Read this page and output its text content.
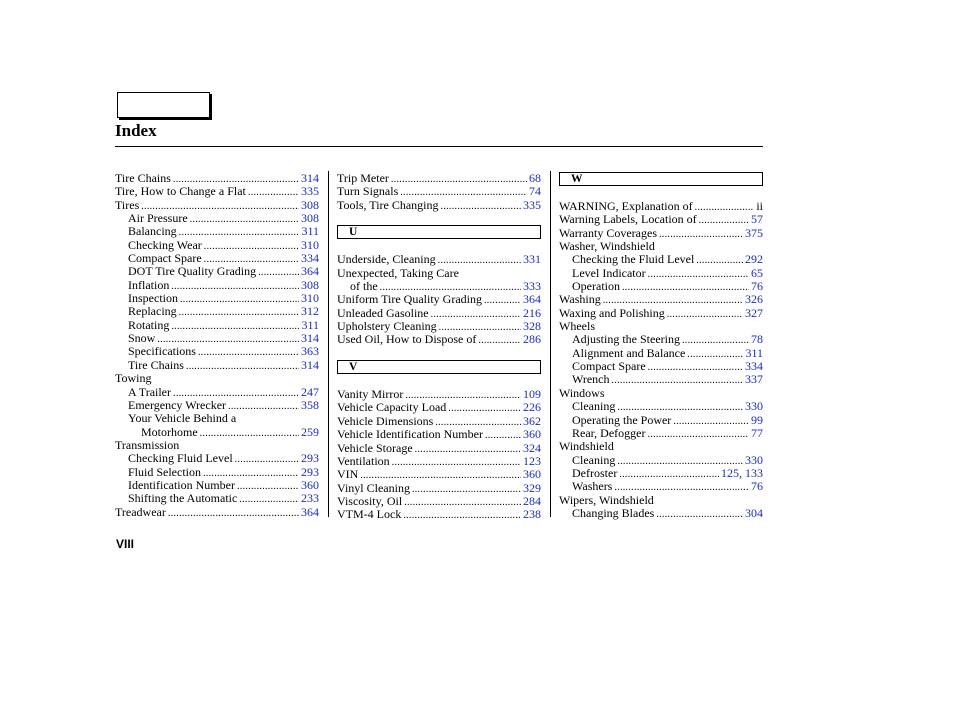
Index
Tire Chains .....	314
Tire, How to Change a Flat .....	335
Tires .....	308
Air Pressure .....	308
Balancing .....	311
Checking Wear .....	310
Compact Spare .....	334
DOT Tire Quality Grading .....	364
Inflation .....	308
Inspection .....	310
Replacing .....	312
Rotating .....	311
Snow .....	314
Specifications .....	363
Tire Chains .....	314
Towing
A Trailer .....	247
Emergency Wrecker .....	358
Your Vehicle Behind a
Motorhome .....	259
Transmission
Checking Fluid Level .....	293
Fluid Selection .....	293
Identification Number .....	360
Shifting the Automatic .....	233
Treadwear .....	364
Trip Meter .....	68
Turn Signals .....	74
Tools, Tire Changing .....	335
U
Underside, Cleaning .....	331
Unexpected, Taking Care
of the .....	333
Uniform Tire Quality Grading .....	364
Unleaded Gasoline .....	216
Upholstery Cleaning .....	328
Used Oil, How to Dispose of .....	286
V
Vanity Mirror .....	109
Vehicle Capacity Load .....	226
Vehicle Dimensions .....	362
Vehicle Identification Number .....	360
Vehicle Storage .....	324
Ventilation .....	123
VIN .....	360
Vinyl Cleaning .....	329
Viscosity, Oil .....	284
VTM-4 Lock .....	238
W
WARNING, Explanation of .....	ii
Warning Labels, Location of .....	57
Warranty Coverages .....	375
Washer, Windshield
Checking the Fluid Level .....	292
Level Indicator .....	65
Operation .....	76
Washing .....	326
Waxing and Polishing .....	327
Wheels
Adjusting the Steering .....	78
Alignment and Balance .....	311
Compact Spare .....	334
Wrench .....	337
Windows
Cleaning .....	330
Operating the Power .....	99
Rear, Defogger .....	77
Windshield
Cleaning .....	330
Defroster .....	125, 133
Washers .....	76
Wipers, Windshield
Changing Blades .....	304
VIII
